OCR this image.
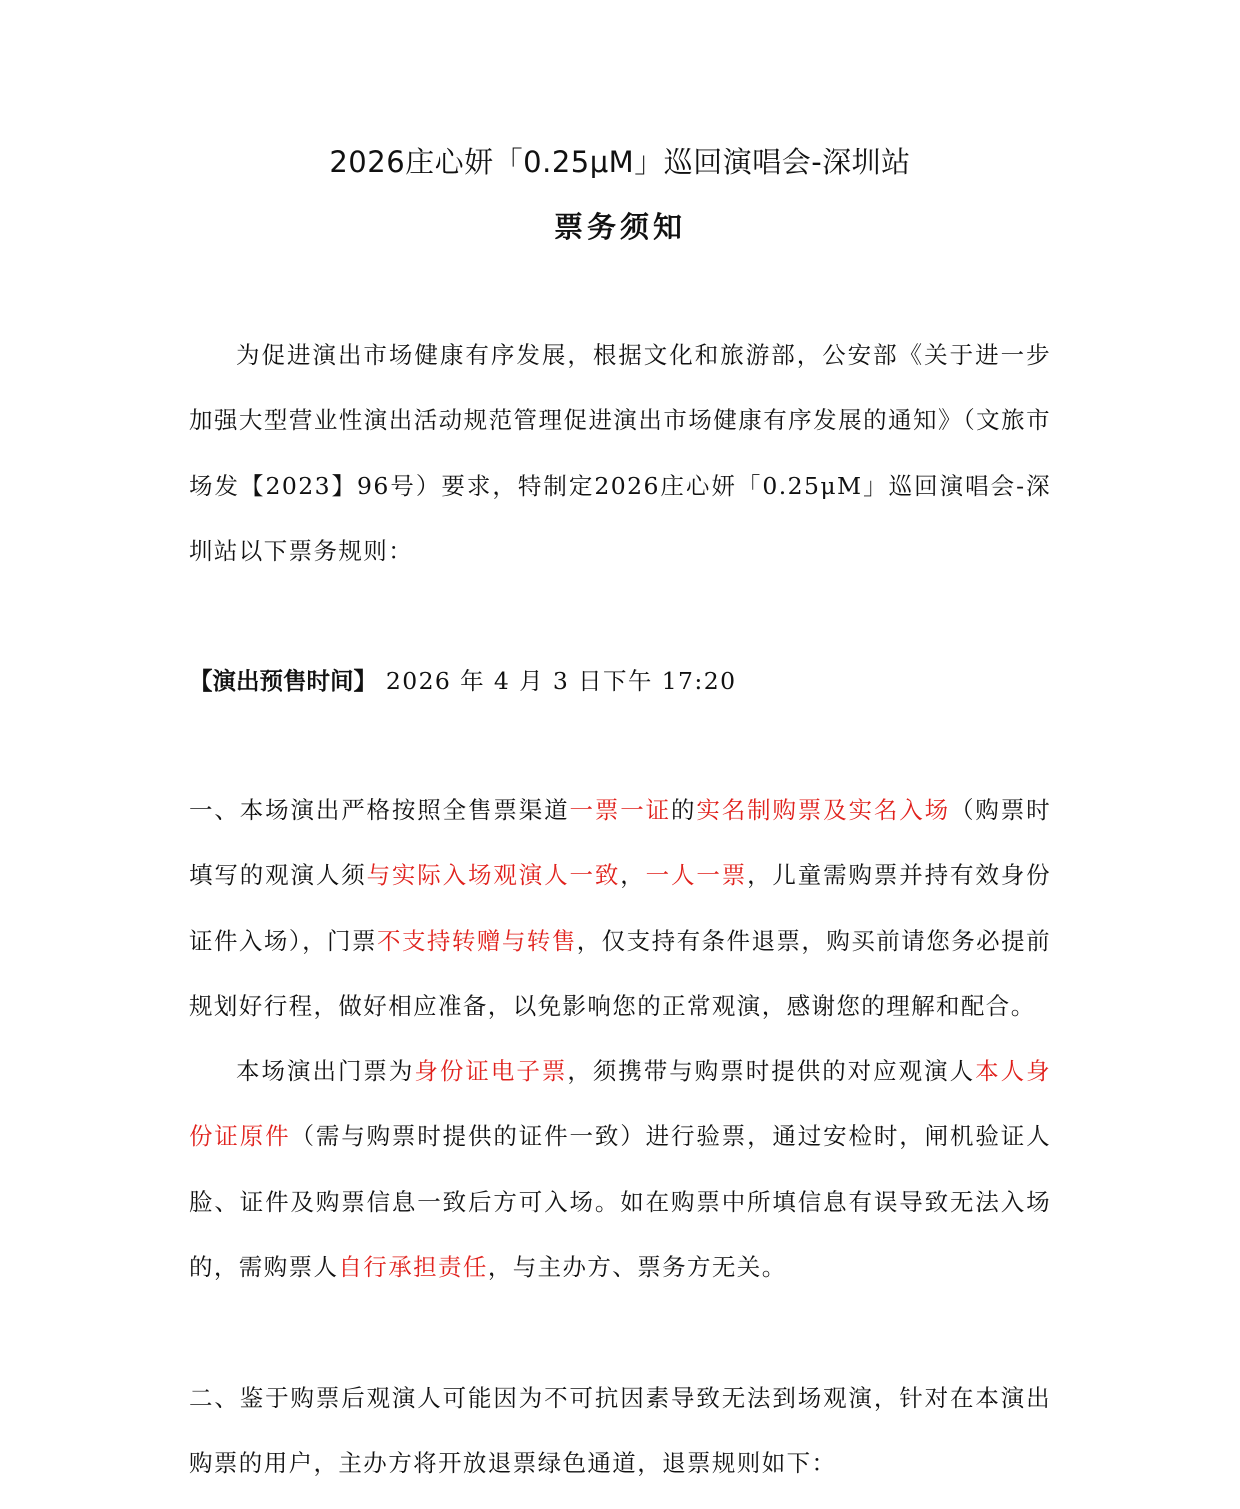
2026庄心妍「0.25μM」巡回演唱会-深圳站
票务须知

为促进演出市场健康有序发展，根据文化和旅游部，公安部《关于进一步加强大型营业性演出活动规范管理促进演出市场健康有序发展的通知》（文旅市场发【2023】96号）要求，特制定2026庄心妍「0.25μM」巡回演唱会-深圳站以下票务规则：

【演出预售时间】 2026 年 4 月 3 日下午 17:20

一、本场演出严格按照全售票渠道一票一证的实名制购票及实名入场（购票时填写的观演人须与实际入场观演人一致，一人一票，儿童需购票并持有效身份证件入场），门票不支持转赠与转售，仅支持有条件退票，购买前请您务必提前规划好行程，做好相应准备，以免影响您的正常观演，感谢您的理解和配合。

本场演出门票为身份证电子票，须携带与购票时提供的对应观演人本人身份证原件（需与购票时提供的证件一致）进行验票，通过安检时，闸机验证人脸、证件及购票信息一致后方可入场。如在购票中所填信息有误导致无法入场的，需购票人自行承担责任，与主办方、票务方无关。

二、鉴于购票后观演人可能因为不可抗因素导致无法到场观演，针对在本演出购票的用户，主办方将开放退票绿色通道，退票规则如下：
